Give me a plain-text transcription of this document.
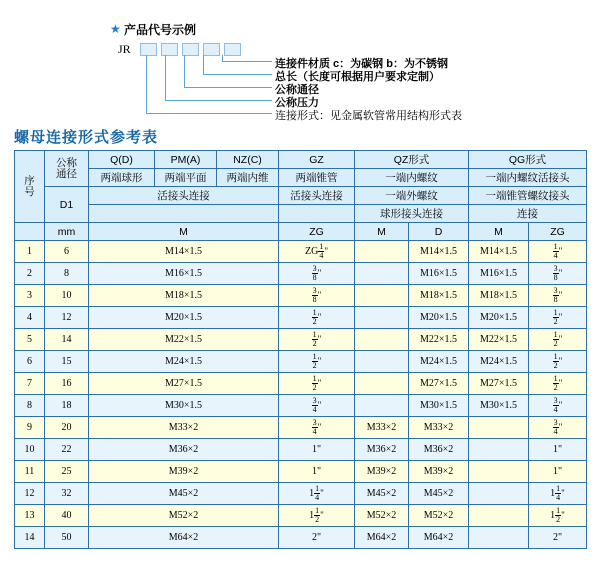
★ 产品代号示例
JR
连接件材质 c：为碳钢 b：为不锈钢
总长（长度可根据用户要求定制）
公称通径
公称压力
连接形式：见金属软管常用结构形式表
螺母连接形式参考表
序
号	公称
通径	Q(D)	PM(A)	NZ(C)	GZ	QZ形式		QG形式	
		两端球形	两端平面	两端内维	两端锥管	一端内螺纹		一端内螺纹活接头	
	D1	活接头连接			活接头连接	一端外螺纹		一端锥管螺纹接头	
						球形接头连接		连接	
	mm	M			ZG	M	D	M	ZG
1	6	M14×1.5			ZG $\frac{1}{4}$ "		M14×1.5	M14×1.5	$\frac{1}{4}$ "
2	8	M16×1.5			$\frac{3}{8}$ "		M16×1.5	M16×1.5	$\frac{3}{8}$ "
3	10	M18×1.5			$\frac{3}{8}$ "		M18×1.5	M18×1.5	$\frac{3}{8}$ "
4	12	M20×1.5			$\frac{1}{2}$ "		M20×1.5	M20×1.5	$\frac{1}{2}$ "
5	14	M22×1.5			$\frac{1}{2}$ "		M22×1.5	M22×1.5	$\frac{1}{2}$ "
6	15	M24×1.5			$\frac{1}{2}$ "		M24×1.5	M24×1.5	$\frac{1}{2}$ "
7	16	M27×1.5			$\frac{1}{2}$ "		M27×1.5	M27×1.5	$\frac{1}{2}$ "
8	18	M30×1.5			$\frac{3}{4}$ "		M30×1.5	M30×1.5	$\frac{3}{4}$ "
9	20	M33×2			$\frac{3}{4}$ "	M33×2	M33×2		$\frac{3}{4}$ "
10	22	M36×2			1"	M36×2	M36×2		1"
11	25	M39×2			1"	M39×2	M39×2		1"
12	32	M45×2			$1 \frac{1}{4}$ "	M45×2	M45×2		$1 \frac{1}{4}$ "
13	40	M52×2			$1 \frac{1}{2}$ "	M52×2	M52×2		$1 \frac{1}{2}$ "
14	50	M64×2			2"	M64×2	M64×2		2"
